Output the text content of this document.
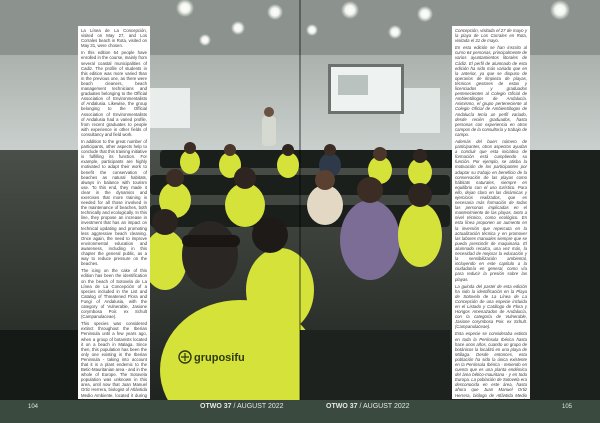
gruposifu

La Línea de La Concepción, visited on May 27, and Los Corrales beach in Rota, visited on May 31, were chosen.

In this edition 64 people have enrolled in the course, mainly from several coastal municipalities of Cadiz. The profile of students in this edition was more varied than in the previous one, as there were beach cleaners, beach management technicians and graduates belonging to the Official Association of Environmentalists of Andalusia. Likewise, the group belonging to the Official Association of Environmentalists of Andalusia had a varied profile, from recent graduates to people with experience in other fields of consultancy and field work.

In addition to the great number of participants, other aspects help to conclude that this training initiative is fulfilling its function. For example, participants are highly motivated to adapt their work to benefit the conservation of beaches as natural habitats, always in balance with tourism use. To this end, they made it clear in the dynamics and exercises that more training is needed for all those involved in the maintenance of beaches, both technically and ecologically. In this line, they propose an increase in investment that has an impact on technical updating and promoting less aggressive beach cleaning. Once again, the need to improve environmental education and awareness, including in this chapter the general public, as a way to reduce pressure on the beaches.

The icing on the cake of this edition has been the identification on the beach of Sotovela de La Línea de La Concepción of a species included in the List and Catalog of Threatened Flora and Fungi of Andalusia, with the category of Vulnerable, Jasione corymbosa Poir. ex Schult (Campanulaceae).

This species was considered extinct throughout the Iberian Peninsula until a few years ago, when a group of botanists located it on a beach in Malaga. Since then, this population has been the only one existing in the Iberian Peninsula - taking into account that it is a plant endemic to the Betic-Mauritanian area - and in the whole of Europe. The Sotovela population was unknown in this area, until now that Juan Manuel Ortiz Herrera, biologist of Atlántida Medio Ambiente, located it during

Concepción, visitada el 27 de mayo y la playa de Los Corrales en Rota, visitada el 31 de mayo.

En esta edición se han inscrito al curso 64 personas, principalmente de varios ayuntamientos litorales de Cádiz. El perfil de alumnado de esta edición ha sido más variado que en la anterior, ya que se dispuso de operarios de limpieza de playas, técnicos gestores de estas y licenciados y graduados pertenecientes al Colegio Oficial de Ambientólogos de Andalucía. Asimismo, el grupo perteneciente al Colegio Oficial de Ambientólogos de Andalucía tenía un perfil variado, desde recién graduados, hasta personas con experiencia en otros campos de la consultoría y trabajo de campo.

Además del buen número de participantes, otros aspectos ayudan a concluir que esta iniciativa de formación está cumpliendo su función. Por ejemplo, se atisba la motivación de los participantes por adaptar su trabajo en beneficio de la conservación de las playas como hábitats naturales, siempre en equilibrio con el uso turístico. Para ello, dejan claro en las dinámicas y ejercicios realizados, que es necesaria más formación de todas las personas implicadas en el mantenimiento de las playas, tanto a nivel técnico, como ecológico. En esta línea proponen un aumento en la inversión que repercuta en la actualización técnica y en promover las labores manuales siempre que se pueda prescindir de maquinaria. El alumnado recalca, una vez más, la necesidad de mejorar la educación y la sensibilización ambiental, incluyendo en este capítulo a la ciudadanía en general, como vía para reducir la presión sobre las playas.

La guinda del pastel de esta edición ha sido la identificación en la Playa de Sotovela de La Línea de La Concepción de una especie incluida en el Listado y Catálogo de Flora y Hongos Amenazados de Andalucía, con la categoría de Vulnerable, Jasione corymbosa Poir. ex Schult. (Campanulaceae).

Esta especie se consideraba extinta en toda la Península Ibérica hasta hace unos años, cuando un grupo de botánicos la localizó en una playa de Málaga. Desde entonces, esta población ha sido la única existente en la Península Ibérica - teniendo en cuenta que es una planta endémica del área bético-mauritana - y en toda Europa. La población de Sotovela era desconocida en este área, hasta ahora que Juan Manuel Ortiz Herrera, biólogo de Atlántida Medio

104	OTWO 37 / AUGUST 2022	OTWO 37 / AUGUST 2022	105
